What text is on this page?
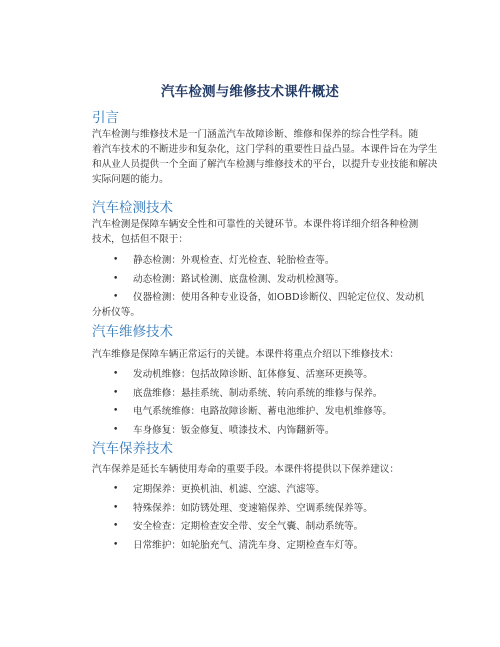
汽车检测与维修技术课件概述
引言
汽车检测与维修技术是一门涵盖汽车故障诊断、维修和保养的综合性学科。随
着汽车技术的不断进步和复杂化，这门学科的重要性日益凸显。本课件旨在为学生
和从业人员提供一个全面了解汽车检测与维修技术的平台，以提升专业技能和解决
实际问题的能力。
汽车检测技术
汽车检测是保障车辆安全性和可靠性的关键环节。本课件将详细介绍各种检测
技术，包括但不限于：
• 静态检测：外观检查、灯光检查、轮胎检查等。
• 动态检测：路试检测、底盘检测、发动机检测等。
• 仪器检测：使用各种专业设备，如OBD诊断仪、四轮定位仪、发动机
分析仪等。
汽车维修技术
汽车维修是保障车辆正常运行的关键。本课件将重点介绍以下维修技术：
• 发动机维修：包括故障诊断、缸体修复、活塞环更换等。
• 底盘维修：悬挂系统、制动系统、转向系统的维修与保养。
• 电气系统维修：电路故障诊断、蓄电池维护、发电机维修等。
• 车身修复：钣金修复、喷漆技术、内饰翻新等。
汽车保养技术
汽车保养是延长车辆使用寿命的重要手段。本课件将提供以下保养建议：
• 定期保养：更换机油、机滤、空滤、汽滤等。
• 特殊保养：如防锈处理、变速箱保养、空调系统保养等。
• 安全检查：定期检查安全带、安全气囊、制动系统等。
• 日常维护：如轮胎充气、清洗车身、定期检查车灯等。
